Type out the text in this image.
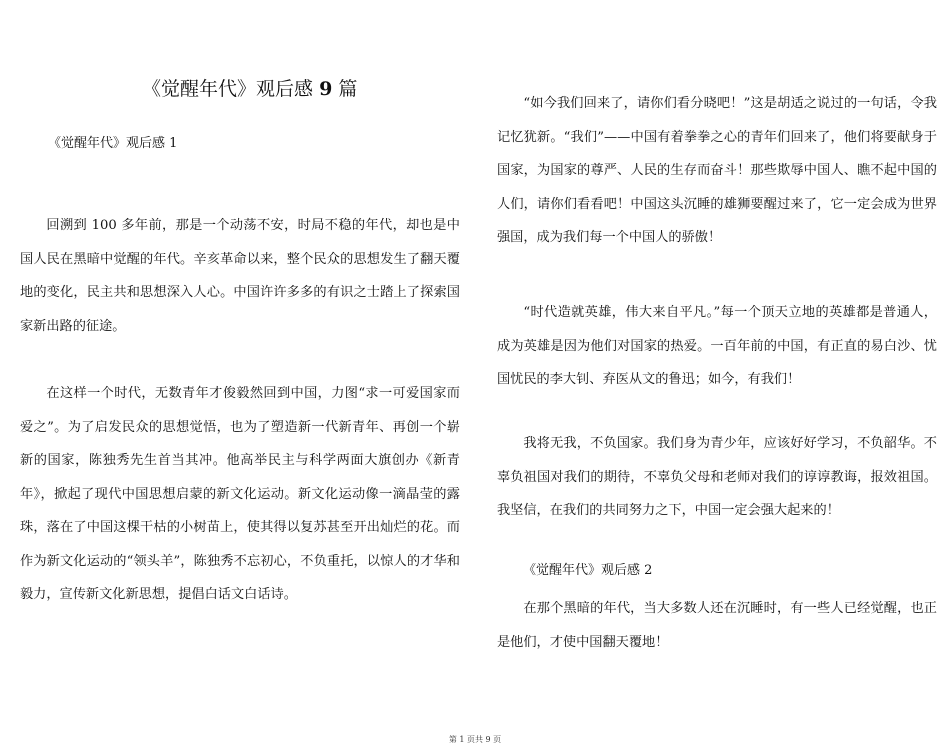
《觉醒年代》观后感 9 篇
《觉醒年代》观后感 1

回溯到 100 多年前，那是一个动荡不安，时局不稳的年代，却也是中国人民在黑暗中觉醒的年代。辛亥革命以来，整个民众的思想发生了翻天覆地的变化，民主共和思想深入人心。中国许许多多的有识之士踏上了探索国家新出路的征途。

在这样一个时代，无数青年才俊毅然回到中国，力图“求一可爱国家而爱之”。为了启发民众的思想觉悟，也为了塑造新一代新青年、再创一个崭新的国家，陈独秀先生首当其冲。他高举民主与科学两面大旗创办《新青年》，掀起了现代中国思想启蒙的新文化运动。新文化运动像一滴晶莹的露珠，落在了中国这棵干枯的小树苗上，使其得以复苏甚至开出灿烂的花。而作为新文化运动的“领头羊”，陈独秀不忘初心，不负重托，以惊人的才华和毅力，宣传新文化新思想，提倡白话文白话诗。

“如今我们回来了，请你们看分晓吧！”这是胡适之说过的一句话，令我记忆犹新。“我们”——中国有着拳拳之心的青年们回来了，他们将要献身于国家，为国家的尊严、人民的生存而奋斗！那些欺辱中国人、瞧不起中国的人们，请你们看看吧！中国这头沉睡的雄狮要醒过来了，它一定会成为世界强国，成为我们每一个中国人的骄傲！

“时代造就英雄，伟大来自平凡。”每一个顶天立地的英雄都是普通人，成为英雄是因为他们对国家的热爱。一百年前的中国，有正直的易白沙、忧国忧民的李大钊、弃医从文的鲁迅；如今，有我们！

我将无我，不负国家。我们身为青少年，应该好好学习，不负韶华。不辜负祖国对我们的期待，不辜负父母和老师对我们的谆谆教诲，报效祖国。我坚信，在我们的共同努力之下，中国一定会强大起来的！

《觉醒年代》观后感 2

在那个黑暗的年代，当大多数人还在沉睡时，有一些人已经觉醒，也正是他们，才使中国翻天覆地！

第 1 页共 9 页
